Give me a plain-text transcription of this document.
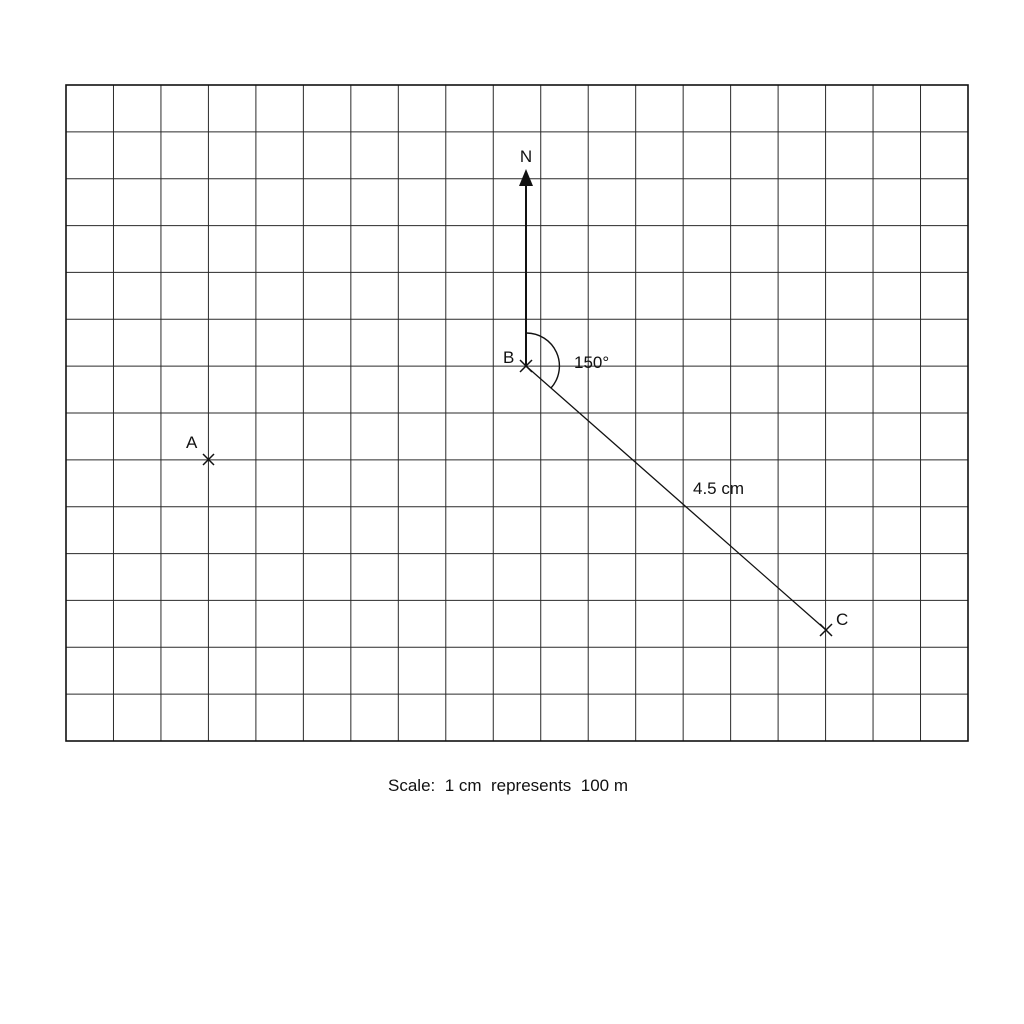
N
150°
4.5 cm
A
B
C
Scale:  1 cm  represents  100 m
